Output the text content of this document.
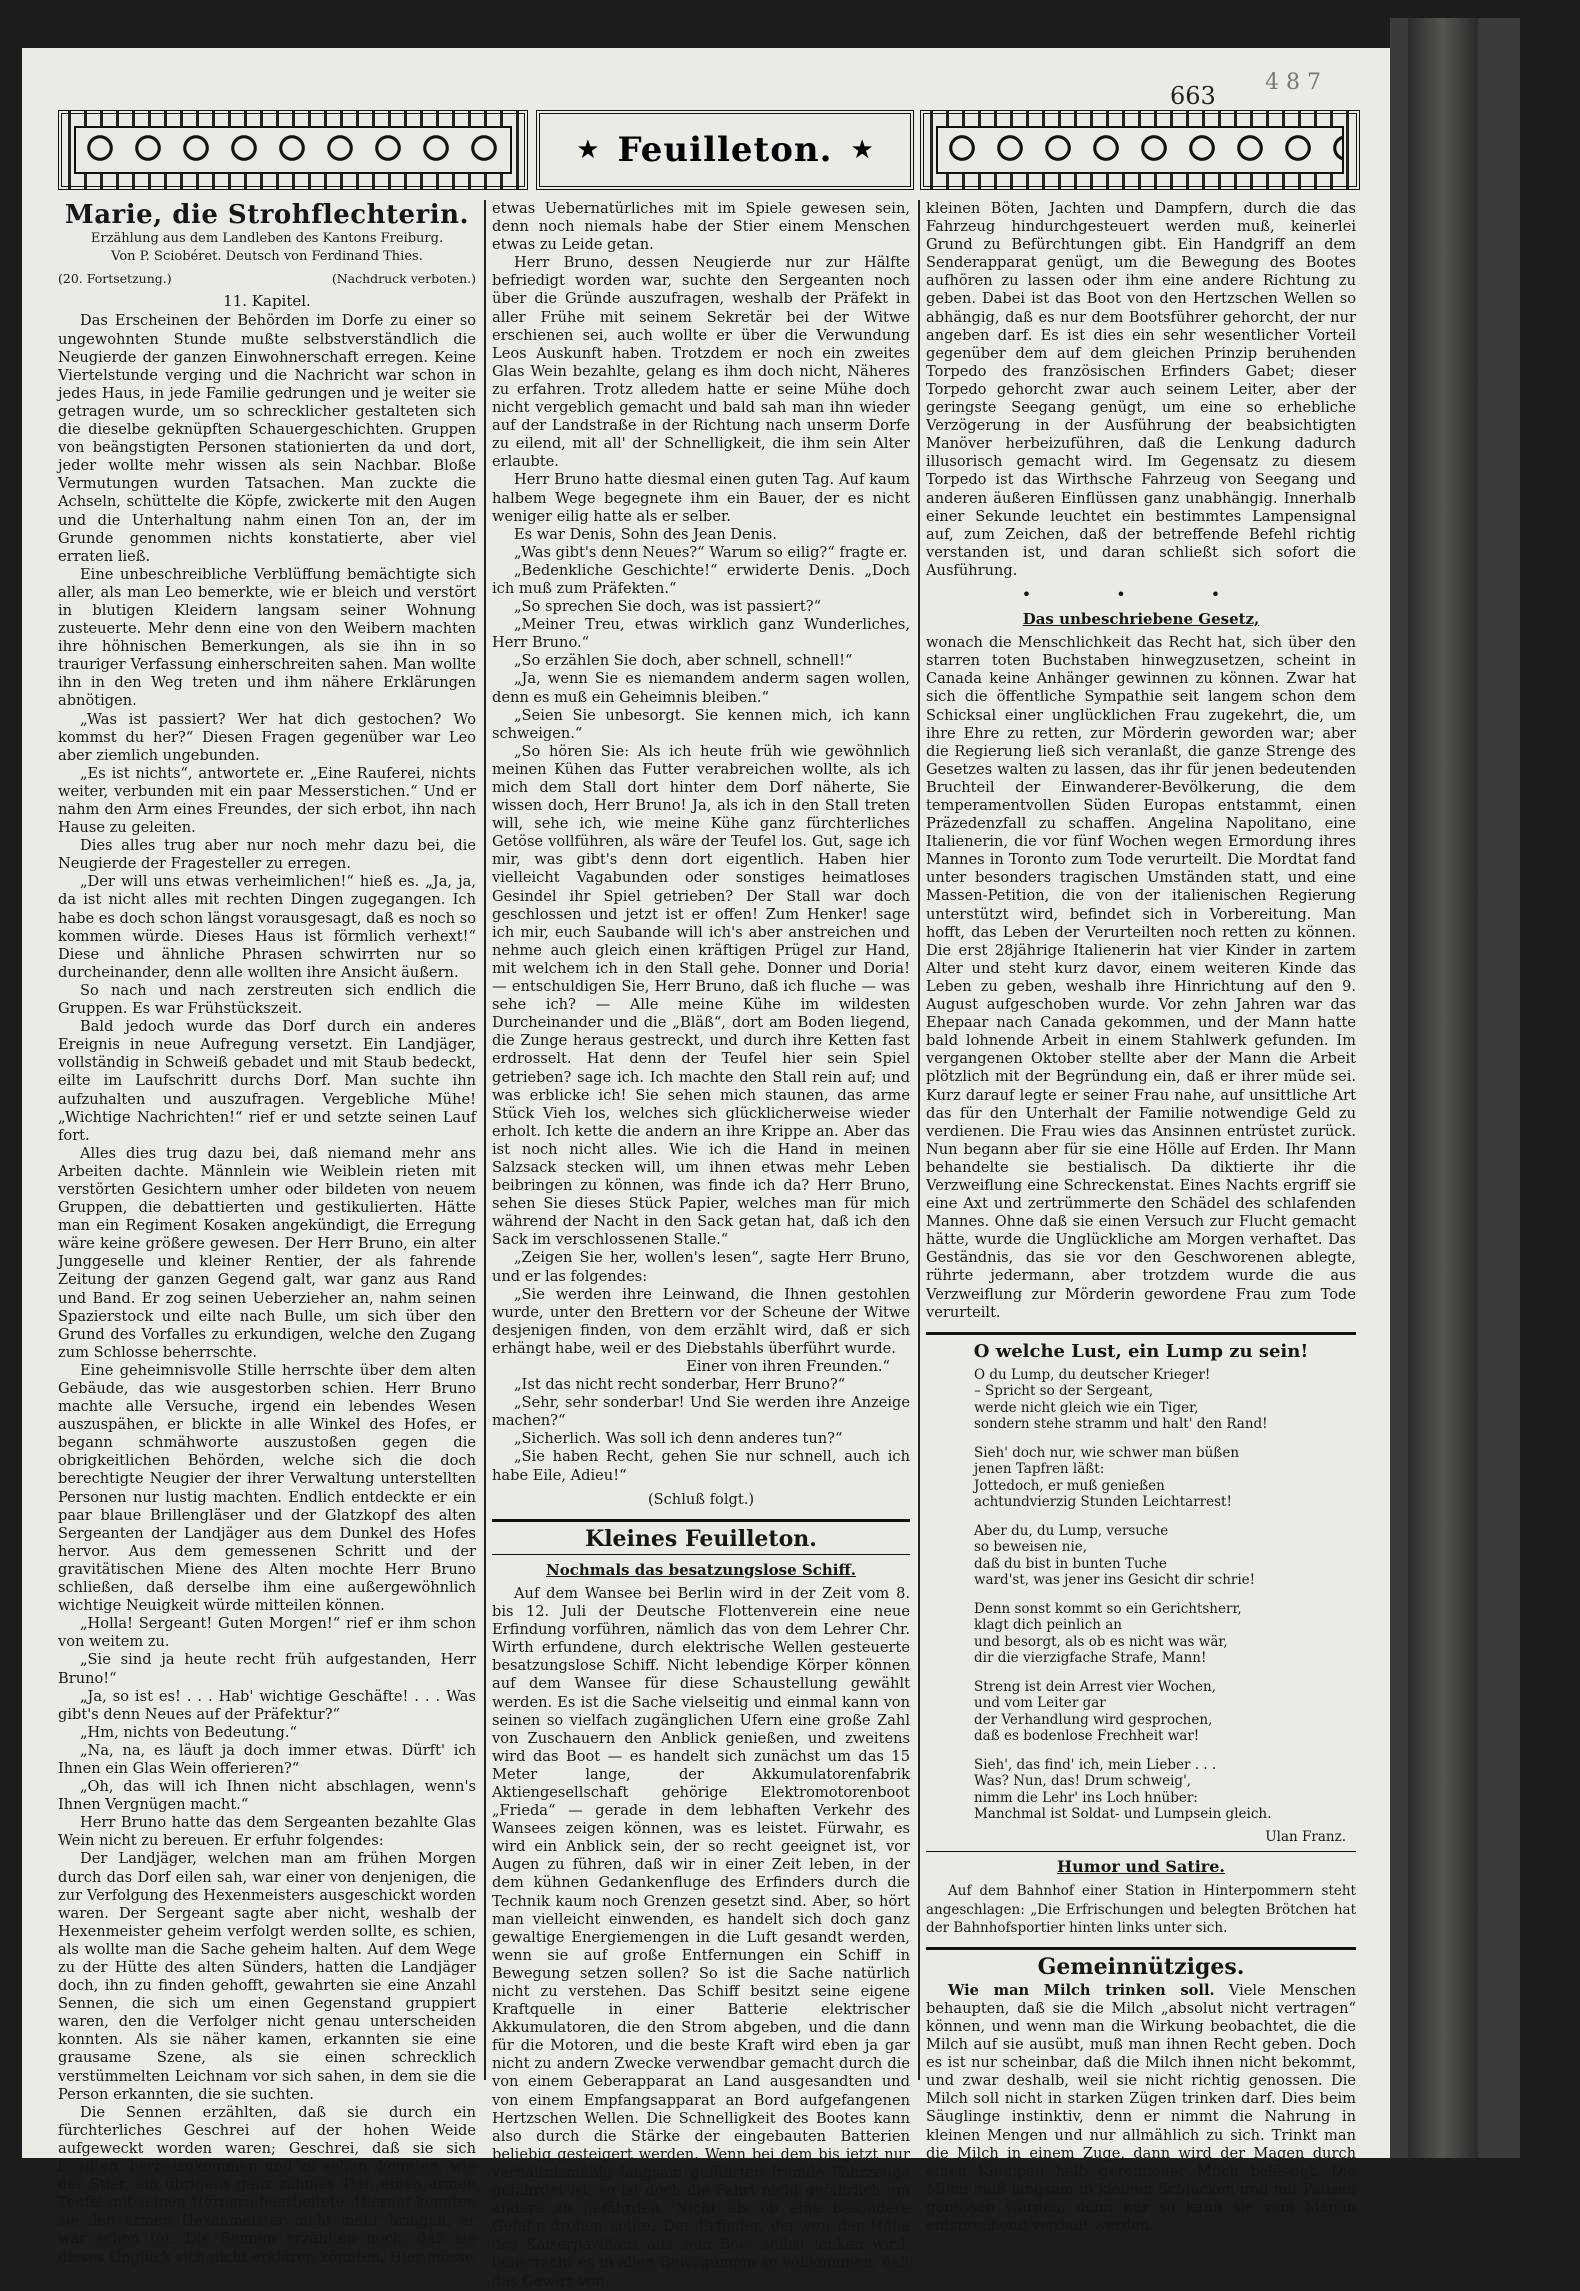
663 4 8 7
★ Feuilleton. ★
Marie, die Strohflechterin.

Erzählung aus dem Landleben des Kantons Freiburg.

Von P. Sciobéret. Deutsch von Ferdinand Thies.

(20. Fortsetzung.)	(Nachdruck verboten.)
11. Kapitel.

Das Erscheinen der Behörden im Dorfe zu einer so ungewohnten Stunde mußte selbstverständlich die Neugierde der ganzen Einwohnerschaft erregen. Keine Viertelstunde verging und die Nachricht war schon in jedes Haus, in jede Familie gedrungen und je weiter sie getragen wurde, um so schrecklicher gestalteten sich die dieselbe geknüpften Schauergeschichten. Gruppen von beängstigten Personen stationierten da und dort, jeder wollte mehr wissen als sein Nachbar. Bloße Vermutungen wurden Tatsachen. Man zuckte die Achseln, schüttelte die Köpfe, zwickerte mit den Augen und die Unterhaltung nahm einen Ton an, der im Grunde genommen nichts konstatierte, aber viel erraten ließ.

Eine unbeschreibliche Verblüffung bemächtigte sich aller, als man Leo bemerkte, wie er bleich und verstört in blutigen Kleidern langsam seiner Wohnung zusteuerte. Mehr denn eine von den Weibern machten ihre höhnischen Bemerkungen, als sie ihn in so trauriger Verfassung einherschreiten sahen. Man wollte ihn in den Weg treten und ihm nähere Erklärungen abnötigen.

„Was ist passiert? Wer hat dich gestochen? Wo kommst du her?“ Diesen Fragen gegenüber war Leo aber ziemlich ungebunden.

„Es ist nichts“, antwortete er. „Eine Rauferei, nichts weiter, verbunden mit ein paar Messerstichen.“ Und er nahm den Arm eines Freundes, der sich erbot, ihn nach Hause zu geleiten.

Dies alles trug aber nur noch mehr dazu bei, die Neugierde der Fragesteller zu erregen.

„Der will uns etwas verheimlichen!“ hieß es. „Ja, ja, da ist nicht alles mit rechten Dingen zugegangen. Ich habe es doch schon längst vorausgesagt, daß es noch so kommen würde. Dieses Haus ist förmlich verhext!“ Diese und ähnliche Phrasen schwirrten nur so durcheinander, denn alle wollten ihre Ansicht äußern.

So nach und nach zerstreuten sich endlich die Gruppen. Es war Frühstückszeit.

Bald jedoch wurde das Dorf durch ein anderes Ereignis in neue Aufregung versetzt. Ein Landjäger, vollständig in Schweiß gebadet und mit Staub bedeckt, eilte im Laufschritt durchs Dorf. Man suchte ihn aufzuhalten und auszufragen. Vergebliche Mühe! „Wichtige Nachrichten!“ rief er und setzte seinen Lauf fort.

Alles dies trug dazu bei, daß niemand mehr ans Arbeiten dachte. Männlein wie Weiblein rieten mit verstörten Gesichtern umher oder bildeten von neuem Gruppen, die debattierten und gestikulierten. Hätte man ein Regiment Kosaken angekündigt, die Erregung wäre keine größere gewesen. Der Herr Bruno, ein alter Junggeselle und kleiner Rentier, der als fahrende Zeitung der ganzen Gegend galt, war ganz aus Rand und Band. Er zog seinen Ueberzieher an, nahm seinen Spazierstock und eilte nach Bulle, um sich über den Grund des Vorfalles zu erkundigen, welche den Zugang zum Schlosse beherrschte.

Eine geheimnisvolle Stille herrschte über dem alten Gebäude, das wie ausgestorben schien. Herr Bruno machte alle Versuche, irgend ein lebendes Wesen auszuspähen, er blickte in alle Winkel des Hofes, er begann schmähworte auszustoßen gegen die obrigkeitlichen Behörden, welche sich die doch berechtigte Neugier der ihrer Verwaltung unterstellten Personen nur lustig machten. Endlich entdeckte er ein paar blaue Brillengläser und der Glatzkopf des alten Sergeanten der Landjäger aus dem Dunkel des Hofes hervor. Aus dem gemessenen Schritt und der gravitätischen Miene des Alten mochte Herr Bruno schließen, daß derselbe ihm eine außergewöhnlich wichtige Neuigkeit würde mitteilen können.

„Holla! Sergeant! Guten Morgen!“ rief er ihm schon von weitem zu.

„Sie sind ja heute recht früh aufgestanden, Herr Bruno!“

„Ja, so ist es! . . . Hab' wichtige Geschäfte! . . . Was gibt's denn Neues auf der Präfektur?“

„Hm, nichts von Bedeutung.“

„Na, na, es läuft ja doch immer etwas. Dürft' ich Ihnen ein Glas Wein offerieren?“

„Oh, das will ich Ihnen nicht abschlagen, wenn's Ihnen Vergnügen macht.“

Herr Bruno hatte das dem Sergeanten bezahlte Glas Wein nicht zu bereuen. Er erfuhr folgendes:

Der Landjäger, welchen man am frühen Morgen durch das Dorf eilen sah, war einer von denjenigen, die zur Verfolgung des Hexenmeisters ausgeschickt worden waren. Der Sergeant sagte aber nicht, weshalb der Hexenmeister geheim verfolgt werden sollte, es schien, als wollte man die Sache geheim halten. Auf dem Wege zu der Hütte des alten Sünders, hatten die Landjäger doch, ihn zu finden gehofft, gewahrten sie eine Anzahl Sennen, die sich um einen Gegenstand gruppiert waren, den die Verfolger nicht genau unterscheiden konnten. Als sie näher kamen, erkannten sie eine grausame Szene, als sie einen schrecklich verstümmelten Leichnam vor sich sahen, in dem sie die Person erkannten, die sie suchten.

Die Sennen erzählten, daß sie durch ein fürchterliches Geschrei auf der hohen Weide aufgeweckt worden waren; Geschrei, daß sie sich beeilten, herbeizukommen und zu sehen, konnten, wie der Stier, ein übrigens ganz zahmes Tier, einen armen Teufel mit seinen Hörnern bearbeitete. Hierauf konnten sie den armen Hexenmeister nicht mehr bringen, er war schon tot. Die Sennen erzählten noch, daß sie dieses Unglück sich nicht erklären könnten. Hier müsse

etwas Uebernatürliches mit im Spiele gewesen sein, denn noch niemals habe der Stier einem Menschen etwas zu Leide getan.

Herr Bruno, dessen Neugierde nur zur Hälfte befriedigt worden war, suchte den Sergeanten noch über die Gründe auszufragen, weshalb der Präfekt in aller Frühe mit seinem Sekretär bei der Witwe erschienen sei, auch wollte er über die Verwundung Leos Auskunft haben. Trotzdem er noch ein zweites Glas Wein bezahlte, gelang es ihm doch nicht, Näheres zu erfahren. Trotz alledem hatte er seine Mühe doch nicht vergeblich gemacht und bald sah man ihn wieder auf der Landstraße in der Richtung nach unserm Dorfe zu eilend, mit all' der Schnelligkeit, die ihm sein Alter erlaubte.

Herr Bruno hatte diesmal einen guten Tag. Auf kaum halbem Wege begegnete ihm ein Bauer, der es nicht weniger eilig hatte als er selber.

Es war Denis, Sohn des Jean Denis.

„Was gibt's denn Neues?“ Warum so eilig?“ fragte er.

„Bedenkliche Geschichte!“ erwiderte Denis. „Doch ich muß zum Präfekten.“

„So sprechen Sie doch, was ist passiert?“

„Meiner Treu, etwas wirklich ganz Wunderliches, Herr Bruno.“

„So erzählen Sie doch, aber schnell, schnell!“

„Ja, wenn Sie es niemandem anderm sagen wollen, denn es muß ein Geheimnis bleiben.“

„Seien Sie unbesorgt. Sie kennen mich, ich kann schweigen.“

„So hören Sie: Als ich heute früh wie gewöhnlich meinen Kühen das Futter verabreichen wollte, als ich mich dem Stall dort hinter dem Dorf näherte, Sie wissen doch, Herr Bruno! Ja, als ich in den Stall treten will, sehe ich, wie meine Kühe ganz fürchterliches Getöse vollführen, als wäre der Teufel los. Gut, sage ich mir, was gibt's denn dort eigentlich. Haben hier vielleicht Vagabunden oder sonstiges heimatloses Gesindel ihr Spiel getrieben? Der Stall war doch geschlossen und jetzt ist er offen! Zum Henker! sage ich mir, euch Saubande will ich's aber anstreichen und nehme auch gleich einen kräftigen Prügel zur Hand, mit welchem ich in den Stall gehe. Donner und Doria! — entschuldigen Sie, Herr Bruno, daß ich fluche — was sehe ich? — Alle meine Kühe im wildesten Durcheinander und die „Bläß“, dort am Boden liegend, die Zunge heraus gestreckt, und durch ihre Ketten fast erdrosselt. Hat denn der Teufel hier sein Spiel getrieben? sage ich. Ich machte den Stall rein auf; und was erblicke ich! Sie sehen mich staunen, das arme Stück Vieh los, welches sich glücklicherweise wieder erholt. Ich kette die andern an ihre Krippe an. Aber das ist noch nicht alles. Wie ich die Hand in meinen Salzsack stecken will, um ihnen etwas mehr Leben beibringen zu können, was finde ich da? Herr Bruno, sehen Sie dieses Stück Papier, welches man für mich während der Nacht in den Sack getan hat, daß ich den Sack im verschlossenen Stalle.“

„Zeigen Sie her, wollen's lesen“, sagte Herr Bruno, und er las folgendes:

„Sie werden ihre Leinwand, die Ihnen gestohlen wurde, unter den Brettern vor der Scheune der Witwe desjenigen finden, von dem erzählt wird, daß er sich erhängt habe, weil er des Diebstahls überführt wurde.

Einer von ihren Freunden.“

„Ist das nicht recht sonderbar, Herr Bruno?“

„Sehr, sehr sonderbar! Und Sie werden ihre Anzeige machen?“

„Sicherlich. Was soll ich denn anderes tun?“

„Sie haben Recht, gehen Sie nur schnell, auch ich habe Eile, Adieu!“

(Schluß folgt.)
Kleines Feuilleton.
Nochmals das besatzungslose Schiff.

Auf dem Wansee bei Berlin wird in der Zeit vom 8. bis 12. Juli der Deutsche Flottenverein eine neue Erfindung vorführen, nämlich das von dem Lehrer Chr. Wirth erfundene, durch elektrische Wellen gesteuerte besatzungslose Schiff. Nicht lebendige Körper können auf dem Wansee für diese Schaustellung gewählt werden. Es ist die Sache vielseitig und einmal kann von seinen so vielfach zugänglichen Ufern eine große Zahl von Zuschauern den Anblick genießen, und zweitens wird das Boot — es handelt sich zunächst um das 15 Meter lange, der Akkumulatorenfabrik Aktiengesellschaft gehörige Elektromotorenboot „Frieda“ — gerade in dem lebhaften Verkehr des Wansees zeigen können, was es leistet. Fürwahr, es wird ein Anblick sein, der so recht geeignet ist, vor Augen zu führen, daß wir in einer Zeit leben, in der dem kühnen Gedankenfluge des Erfinders durch die Technik kaum noch Grenzen gesetzt sind. Aber, so hört man vielleicht einwenden, es handelt sich doch ganz gewaltige Energiemengen in die Luft gesandt werden, wenn sie auf große Entfernungen ein Schiff in Bewegung setzen sollen? So ist die Sache natürlich nicht zu verstehen. Das Schiff besitzt seine eigene Kraftquelle in einer Batterie elektrischer Akkumulatoren, die den Strom abgeben, und die dann für die Motoren, und die beste Kraft wird eben ja gar nicht zu andern Zwecke verwendbar gemacht durch die von einem Geberapparat an Land ausgesandten und von einem Empfangsapparat an Bord aufgefangenen Hertzschen Wellen. Die Schnelligkeit des Bootes kann also durch die Stärke der eingebauten Batterien beliebig gesteigert werden. Wenn bei dem bis jetzt nur verhältnismäßig langsam geführten fremde Fahrzeuge gefährdet ist, so ist doch die Fahrt nicht gefährlich um andere zu gefährden. Nicht als ob eine besondere Gefahr drohen sollte. Der Erfinder, der von der Höhe des Kaiserpavillons aus sein Boot selbst lenken wird, beherrscht es in allen Bewegungen so vollkommen, daß das Gewirr von

kleinen Böten, Jachten und Dampfern, durch die das Fahrzeug hindurchgesteuert werden muß, keinerlei Grund zu Befürchtungen gibt. Ein Handgriff an dem Senderapparat genügt, um die Bewegung des Bootes aufhören zu lassen oder ihm eine andere Richtung zu geben. Dabei ist das Boot von den Hertzschen Wellen so abhängig, daß es nur dem Bootsführer gehorcht, der nur angeben darf. Es ist dies ein sehr wesentlicher Vorteil gegenüber dem auf dem gleichen Prinzip beruhenden Torpedo des französischen Erfinders Gabet; dieser Torpedo gehorcht zwar auch seinem Leiter, aber der geringste Seegang genügt, um eine so erhebliche Verzögerung in der Ausführung der beabsichtigten Manöver herbeizuführen, daß die Lenkung dadurch illusorisch gemacht wird. Im Gegensatz zu diesem Torpedo ist das Wirthsche Fahrzeug von Seegang und anderen äußeren Einflüssen ganz unabhängig. Innerhalb einer Sekunde leuchtet ein bestimmtes Lampensignal auf, zum Zeichen, daß der betreffende Befehl richtig verstanden ist, und daran schließt sich sofort die Ausführung.

• • •
Das unbeschriebene Gesetz,

wonach die Menschlichkeit das Recht hat, sich über den starren toten Buchstaben hinwegzusetzen, scheint in Canada keine Anhänger gewinnen zu können. Zwar hat sich die öffentliche Sympathie seit langem schon dem Schicksal einer unglücklichen Frau zugekehrt, die, um ihre Ehre zu retten, zur Mörderin geworden war; aber die Regierung ließ sich veranlaßt, die ganze Strenge des Gesetzes walten zu lassen, das ihr für jenen bedeutenden Bruchteil der Einwanderer-Bevölkerung, die dem temperamentvollen Süden Europas entstammt, einen Präzedenzfall zu schaffen. Angelina Napolitano, eine Italienerin, die vor fünf Wochen wegen Ermordung ihres Mannes in Toronto zum Tode verurteilt. Die Mordtat fand unter besonders tragischen Umständen statt, und eine Massen-Petition, die von der italienischen Regierung unterstützt wird, befindet sich in Vorbereitung. Man hofft, das Leben der Verurteilten noch retten zu können. Die erst 28jährige Italienerin hat vier Kinder in zartem Alter und steht kurz davor, einem weiteren Kinde das Leben zu geben, weshalb ihre Hinrichtung auf den 9. August aufgeschoben wurde. Vor zehn Jahren war das Ehepaar nach Canada gekommen, und der Mann hatte bald lohnende Arbeit in einem Stahlwerk gefunden. Im vergangenen Oktober stellte aber der Mann die Arbeit plötzlich mit der Begründung ein, daß er ihrer müde sei. Kurz darauf legte er seiner Frau nahe, auf unsittliche Art das für den Unterhalt der Familie notwendige Geld zu verdienen. Die Frau wies das Ansinnen entrüstet zurück. Nun begann aber für sie eine Hölle auf Erden. Ihr Mann behandelte sie bestialisch. Da diktierte ihr die Verzweiflung eine Schreckenstat. Eines Nachts ergriff sie eine Axt und zertrümmerte den Schädel des schlafenden Mannes. Ohne daß sie einen Versuch zur Flucht gemacht hätte, wurde die Unglückliche am Morgen verhaftet. Das Geständnis, das sie vor den Geschworenen ablegte, rührte jedermann, aber trotzdem wurde die aus Verzweiflung zur Mörderin gewordene Frau zum Tode verurteilt.

O welche Lust, ein Lump zu sein!
O du Lump, du deutscher Krieger!
– Spricht so der Sergeant,
werde nicht gleich wie ein Tiger,
sondern stehe stramm und halt' den Rand!
Sieh' doch nur, wie schwer man büßen
jenen Tapfren läßt:
Jottedoch, er muß genießen
achtundvierzig Stunden Leichtarrest!
Aber du, du Lump, versuche
so beweisen nie,
daß du bist in bunten Tuche
ward'st, was jener ins Gesicht dir schrie!
Denn sonst kommt so ein Gerichtsherr,
klagt dich peinlich an
und besorgt, als ob es nicht was wär,
dir die vierzigfache Strafe, Mann!
Streng ist dein Arrest vier Wochen,
und vom Leiter gar
der Verhandlung wird gesprochen,
daß es bodenlose Frechheit war!
Sieh', das find' ich, mein Lieber . . .
Was? Nun, das! Drum schweig',
nimm die Lehr' ins Loch hnüber:
Manchmal ist Soldat- und Lumpsein gleich.
Ulan Franz.
Humor und Satire.

Auf dem Bahnhof einer Station in Hinterpommern steht angeschlagen: „Die Erfrischungen und belegten Brötchen hat der Bahnhofsportier hinten links unter sich.

Gemeinnütziges.

Wie man Milch trinken soll. Viele Menschen behaupten, daß sie die Milch „absolut nicht vertragen“ können, und wenn man die Wirkung beobachtet, die die Milch auf sie ausübt, muß man ihnen Recht geben. Doch es ist nur scheinbar, daß die Milch ihnen nicht bekommt, und zwar deshalb, weil sie nicht richtig genossen. Die Milch soll nicht in starken Zügen trinken darf. Dies beim Säuglinge instinktiv, denn er nimmt die Nahrung in kleinen Mengen und nur allmählich zu sich. Trinkt man die Milch in einem Zuge, dann wird der Magen durch einen Klumpen halb geronnener Milch belästigt. Die Milch muß langsam in kleinen Schlucken und mit Pausen genossen werden, denn nur so kann sie vom Magen entsprechend verdaut werden.
